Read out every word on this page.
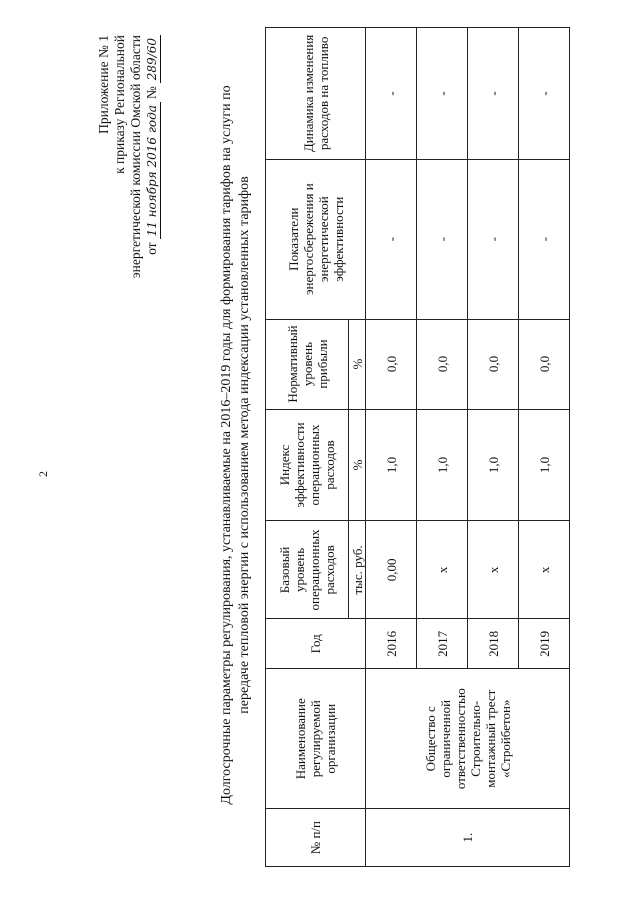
2
Приложение № 1 к приказу Региональной энергетической комиссии Омской области от
11 ноября 2016 года
№
289/60
Долгосрочные параметры регулирования, устанавливаемые на 2016–2019 годы для формирования тарифов на услуги по передаче тепловой энергии с использованием метода индексации установленных тарифов
№ п/п	Наименование регулируемой организации	Год	Базовый уровень операционных расходов	Индекс эффективности операционных расходов	Нормативный уровень прибыли	Показатели энергосбережения и энергетической эффективности	Динамика изменения расходов на топливо
			тыс. руб.	%	%		
1.	Общество с ограниченной ответственностью Строительно-монтажный трест «Стройбетон»	2016	0,00	1,0	0,0	-	-
		2017	x	1,0	0,0	-	-
		2018	x	1,0	0,0	-	-
		2019	x	1,0	0,0	-	-
